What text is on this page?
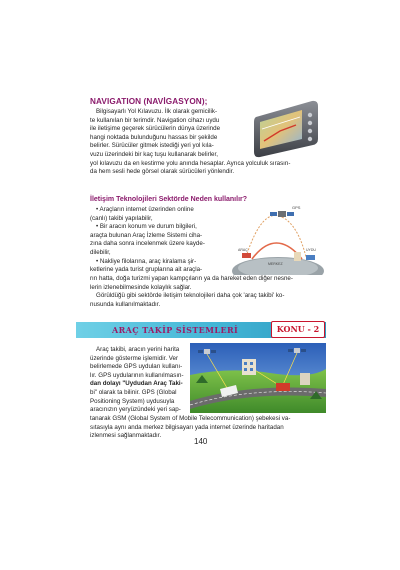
NAVIGATION (NAVİGASYON);
Bilgisayarlı Yol Kılavuzu. İlk olarak gemicilik-
te kullanılan bir terimdir. Navigation cihazı uydu
ile iletişime geçerek sürücülerin dünya üzerinde
hangi noktada bulunduğunu hassas bir şekilde
belirler. Sürücüler gitmek istediği yeri yol kıla-
vuzu üzerindeki bir kaç tuşu kullanarak belirler,
yol kılavuzu da en kestirme yolu anında hesaplar. Ayrıca yolculuk sırasın-
da hem sesli hede görsel olarak sürücüleri yönlendir.
İletişim Teknolojileri Sektörde Neden kullanılır?
• Araçların internet üzerinden online
(canlı) takibi yapılabilir,
• Bir aracın konum ve durum bilgileri,
araçta bulunan Araç İzleme Sistemi ciha-
zına daha sonra incelenmek üzere kayde-
dilebilir,
• Nakliye filolarına, araç kiralama şir-
ketlerine yada turist gruplarına ait araçla-
rın hatta, doğa turizmi yapan kampçıların ya da hareket eden diğer nesne-
lerin izlenebilmesinde kolaylık sağlar.
Görüldüğü gibi sektörde iletişim teknolojileri daha çok 'araç takibi' ko-
nusunda kullanılmaktadır.
GPS
ARAÇ
MERKEZ
UYDU
ARAÇ TAKİP SİSTEMLERİ	KONU - 2
Araç takibi, aracın yerini harita
üzerinde gösterme işlemidir. Ver
belirlemede GPS uyduları kullanı-
lır. GPS uydularının kullanılmasın-
dan dolayı "Uydudan Araç Taki-
bi" olarak ta bilinir. GPS (Global
Positioning System) uydusuyla
aracınızın yeryüzündeki yeri sap-
tanarak GSM (Global System of Mobile Telecommunication) şebekesi va-
sıtasıyla aynı anda merkez bilgisayarı yada internet üzerinde haritadan
izlenmesi sağlanmaktadır.
140
